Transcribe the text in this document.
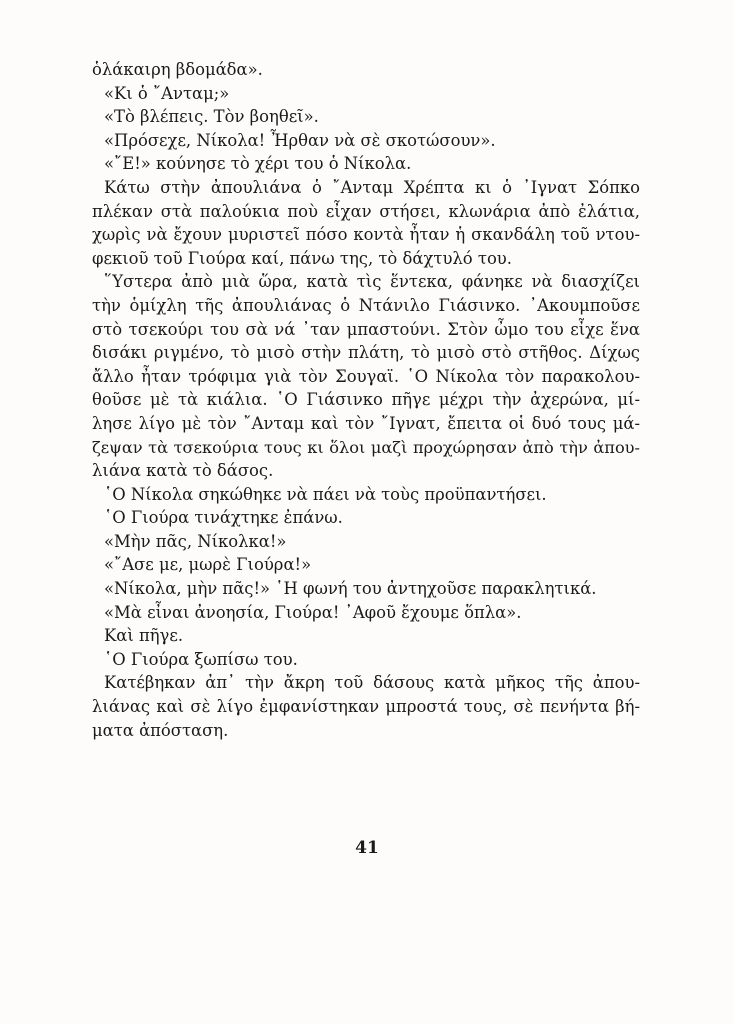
ὁλάκαιρη βδομάδα».
«Κι ὁ ῎Ανταμ;»
«Τὸ βλέπεις. Τὸν βοηθεῖ».
«Πρόσεχε, Νίκολα! Ἦρθαν νὰ σὲ σκοτώσουν».
«῎Ε!» κούνησε τὸ χέρι του ὁ Νίκολα.
Κάτω στὴν ἀπουλιάνα ὁ ῎Ανταμ Χρέπτα κι ὁ ᾿Ιγνατ Σόπκο
πλέκαν στὰ παλούκια ποὺ εἶχαν στήσει, κλωνάρια ἀπὸ ἐλάτια,
χωρὶς νὰ ἔχουν μυριστεῖ πόσο κοντὰ ἦταν ἡ σκανδάλη τοῦ ντου-
φεκιοῦ τοῦ Γιούρα καί, πάνω της, τὸ δάχτυλό του.
῞Υστερα ἀπὸ μιὰ ὥρα, κατὰ τὶς ἕντεκα, φάνηκε νὰ διασχίζει
τὴν ὁμίχλη τῆς ἀπουλιάνας ὁ Ντάνιλο Γιάσινκο. ᾿Ακουμποῦσε
στὸ τσεκούρι του σὰ νά ᾿ταν μπαστούνι. Στὸν ὦμο του εἶχε ἕνα
δισάκι ριγμένο, τὸ μισὸ στὴν πλάτη, τὸ μισὸ στὸ στῆθος. Δίχως
ἄλλο ἦταν τρόφιμα γιὰ τὸν Σουγαϊ. ῾Ο Νίκολα τὸν παρακολου-
θοῦσε μὲ τὰ κιάλια. ῾Ο Γιάσινκο πῆγε μέχρι τὴν ἀχερώνα, μί-
λησε λίγο μὲ τὸν ῎Ανταμ καὶ τὸν ῎Ιγνατ, ἔπειτα οἱ δυό τους μά-
ζεψαν τὰ τσεκούρια τους κι ὅλοι μαζὶ προχώρησαν ἀπὸ τὴν ἀπου-
λιάνα κατὰ τὸ δάσος.
῾Ο Νίκολα σηκώθηκε νὰ πάει νὰ τοὺς προϋπαντήσει.
῾Ο Γιούρα τινάχτηκε ἐπάνω.
«Μὴν πᾶς, Νίκολκα!»
«῎Ασε με, μωρὲ Γιούρα!»
«Νίκολα, μὴν πᾶς!» ῾Η φωνή του ἀντηχοῦσε παρακλητικά.
«Μὰ εἶναι ἀνοησία, Γιούρα! ᾿Αφοῦ ἔχουμε ὅπλα».
Καὶ πῆγε.
῾Ο Γιούρα ξωπίσω του.
Κατέβηκαν ἀπ᾿ τὴν ἄκρη τοῦ δάσους κατὰ μῆκος τῆς ἀπου-
λιάνας καὶ σὲ λίγο ἐμφανίστηκαν μπροστά τους, σὲ πενήντα βή-
ματα ἀπόσταση.
41
